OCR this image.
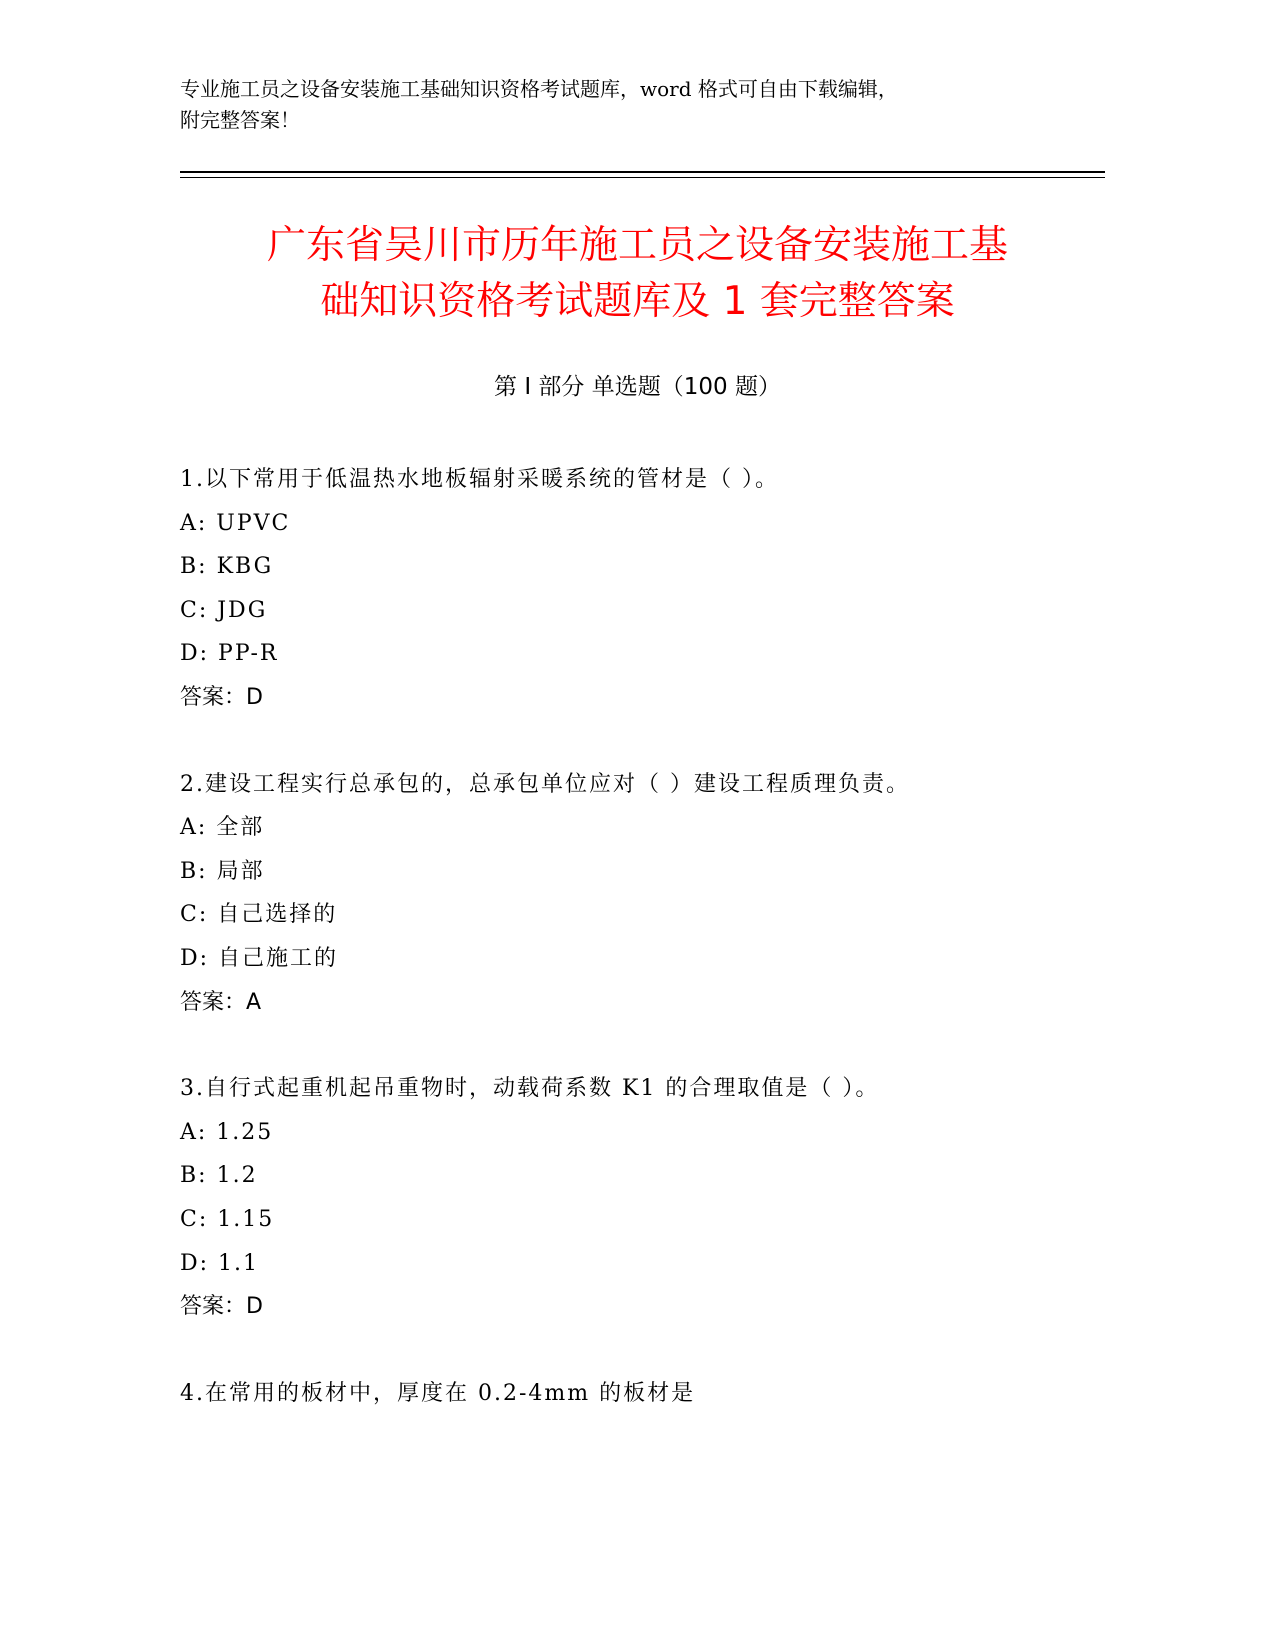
专业施工员之设备安装施工基础知识资格考试题库，word 格式可自由下载编辑，
附完整答案！
广东省吴川市历年施工员之设备安装施工基
础知识资格考试题库及 1 套完整答案
第 I 部分 单选题（100 题）
1.以下常用于低温热水地板辐射采暖系统的管材是（ ）。
A: UPVC
B: KBG
C: JDG
D: PP-R
答案：D
2.建设工程实行总承包的，总承包单位应对（ ）建设工程质理负责。
A: 全部
B: 局部
C: 自己选择的
D: 自己施工的
答案：A
3.自行式起重机起吊重物时，动载荷系数 K1 的合理取值是（ ）。
A: 1.25
B: 1.2
C: 1.15
D: 1.1
答案：D
4.在常用的板材中，厚度在 0.2-4mm 的板材是
